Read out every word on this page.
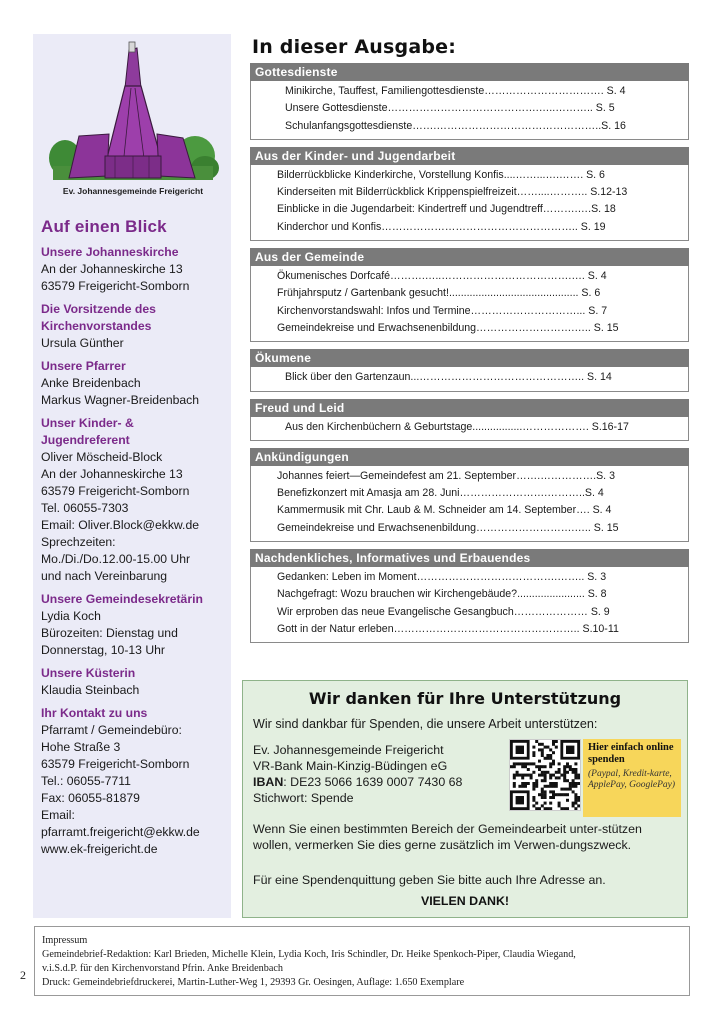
Ev. Johannesgemeinde Freigericht
Auf einen Blick
Unsere Johanneskirche
An der Johanneskirche 13
63579 Freigericht-Somborn
Die Vorsitzende des
Kirchenvorstandes
Ursula Günther
Unsere Pfarrer
Anke Breidenbach
Markus Wagner-Breidenbach
Unser Kinder- &
Jugendreferent
Oliver Möscheid-Block
An der Johanneskirche 13
63579 Freigericht-Somborn
Tel. 06055-7303
Email: Oliver.Block@ekkw.de
Sprechzeiten:
Mo./Di./Do.12.00-15.00 Uhr
und nach Vereinbarung
Unsere Gemeindesekretärin
Lydia Koch
Bürozeiten: Dienstag und
Donnerstag, 10-13 Uhr
Unsere Küsterin
Klaudia Steinbach
Ihr Kontakt zu uns
Pfarramt / Gemeindebüro:
Hohe Straße 3
63579 Freigericht-Somborn
Tel.: 06055-7711
Fax: 06055-81879
Email:
pfarramt.freigericht@ekkw.de
www.ek-freigericht.de
In dieser Ausgabe:
Gottesdienste
Minikirche, Tauffest, Familiengottesdienste……………………………. S. 4
Unsere Gottesdienste…………………………………….…..……….. S. 5
Schulanfangsgottesdienste…….………………………………………..S. 16
Aus der Kinder- und Jugendarbeit
Bilderrückblicke Kinderkirche, Vorstellung Konfis....……...….……. S. 6
Kinderseiten mit Bilderrückblick Krippenspielfreizeit……....……….. S.12-13
Einblicke in die Jugendarbeit: Kindertreff und Jugendtreff……….….S. 18
Kinderchor und Konfis……………………………………………….. S. 19
Aus der Gemeinde
Ökumenisches Dorfcafé……….…..……………………………….…. S. 4
Frühjahrsputz / Gartenbank gesucht!............................................ S. 6
Kirchenvorstandswahl: Infos und Termine…………………………... S. 7
Gemeindekreise und Erwachsenenbildung……………………….….. S. 15
Ökumene
Blick über den Gartenzaun...……………………………………….. S. 14
Freud und Leid
Aus den Kirchenbüchern & Geburtstage.................………………. S.16-17
Ankündigungen
Johannes feiert—Gemeindefest am 21. September…….…………….S. 3
Benefizkonzert mit Amasja am 28. Juni…………………….………..S. 4
Kammermusik mit Chr. Laub & M. Schneider am 14. September…. S. 4
Gemeindekreise und Erwachsenenbildung……………………….….. S. 15
Nachdenkliches, Informatives und Erbauendes
Gedanken: Leben im Moment………………………………….…….. S. 3
Nachgefragt: Wozu brauchen wir Kirchengebäude?....................... S. 8
Wir erproben das neue Evangelische Gesangbuch………………… S. 9
Gott in der Natur erleben…………………………………………….. S.10-11
Wir danken für Ihre Unterstützung
Wir sind dankbar für Spenden, die unsere Arbeit unterstützen:
Ev. Johannesgemeinde Freigericht
VR-Bank Main-Kinzig-Büdingen eG
IBAN: DE23 5066 1639 0007 7430 68
Stichwort: Spende
Hier einfach online spenden
(Paypal, Kredit-karte, ApplePay, GooglePay)
Wenn Sie einen bestimmten Bereich der Gemeindearbeit unter-stützen wollen, vermerken Sie dies gerne zusätzlich im Verwen-dungszweck.
Für eine Spendenquittung geben Sie bitte auch Ihre Adresse an.
VIELEN DANK!
Impressum
Gemeindebrief-Redaktion: Karl Brieden, Michelle Klein, Lydia Koch, Iris Schindler, Dr. Heike Spenkoch-Piper, Claudia Wiegand,
v.i.S.d.P. für den Kirchenvorstand Pfrin. Anke Breidenbach
Druck: Gemeindebriefdruckerei, Martin-Luther-Weg 1, 29393 Gr. Oesingen, Auflage: 1.650 Exemplare
2
